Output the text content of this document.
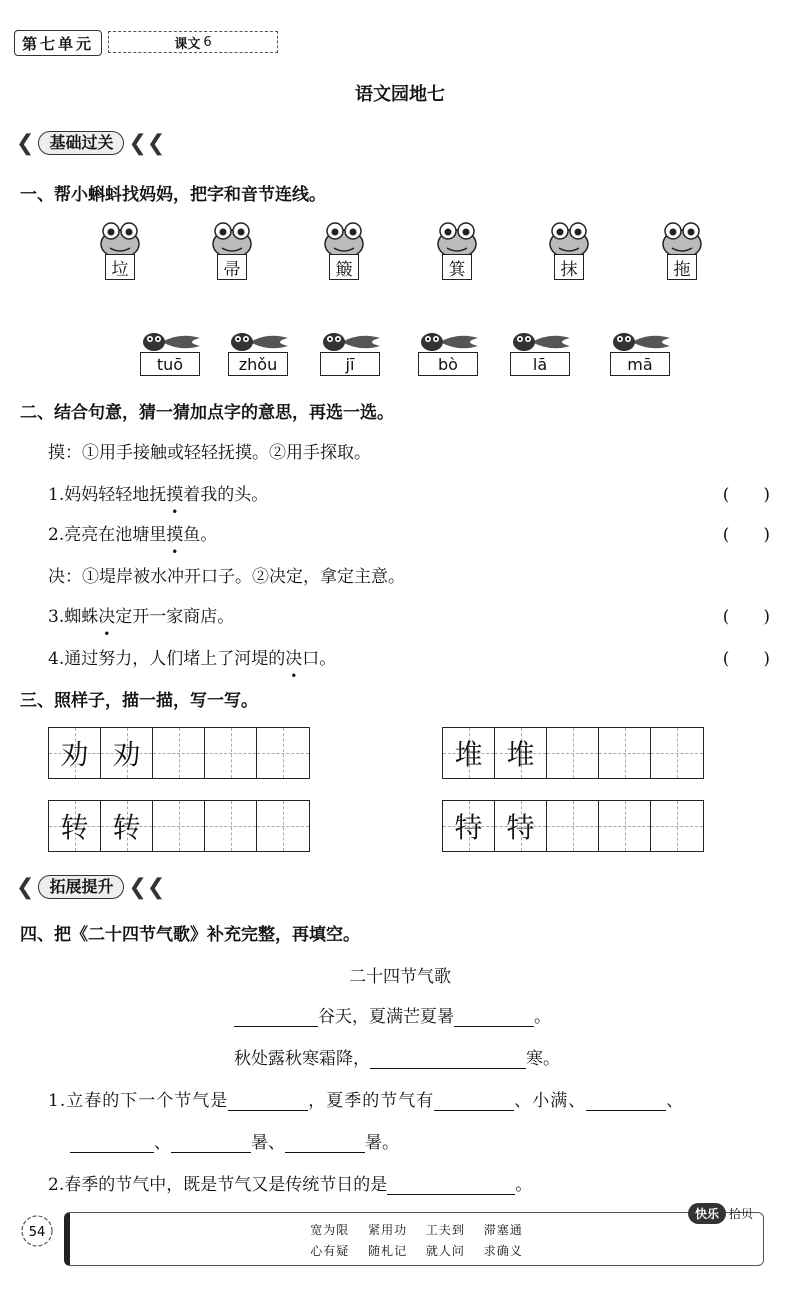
第七单元	课文 6
语文园地七
❮ 基础过关 ❮❮
一、帮小蝌蚪找妈妈，把字和音节连线。
垃	帚	簸	箕	抹	拖
tuō	zhǒu	jī	bò	lā	mā
二、结合句意，猜一猜加点字的意思，再选一选。
摸：①用手接触或轻轻抚摸。②用手探取。
1.妈妈轻轻地抚摸着我的头。	(　　)
2.亮亮在池塘里摸鱼。	(　　)
决：①堤岸被水冲开口子。②决定，拿定主意。
3.蜘蛛决定开一家商店。	(　　)
4.通过努力，人们堵上了河堤的决口。	(　　)
三、照样子，描一描，写一写。
劝 劝	堆 堆
转 转	特 特
❮ 拓展提升 ❮❮
四、把《二十四节气歌》补充完整，再填空。
二十四节气歌
谷天，夏满芒夏暑	。
秋处露秋寒霜降，	寒。
1.立春的下一个节气是	，夏季的节气有	、小满、	、
、	暑、	暑。
2.春季的节气中，既是节气又是传统节日的是	。
54	宽为限 紧用功 工夫到 滞塞通
心有疑 随札记 就人问 求确义
快乐 拾贝
